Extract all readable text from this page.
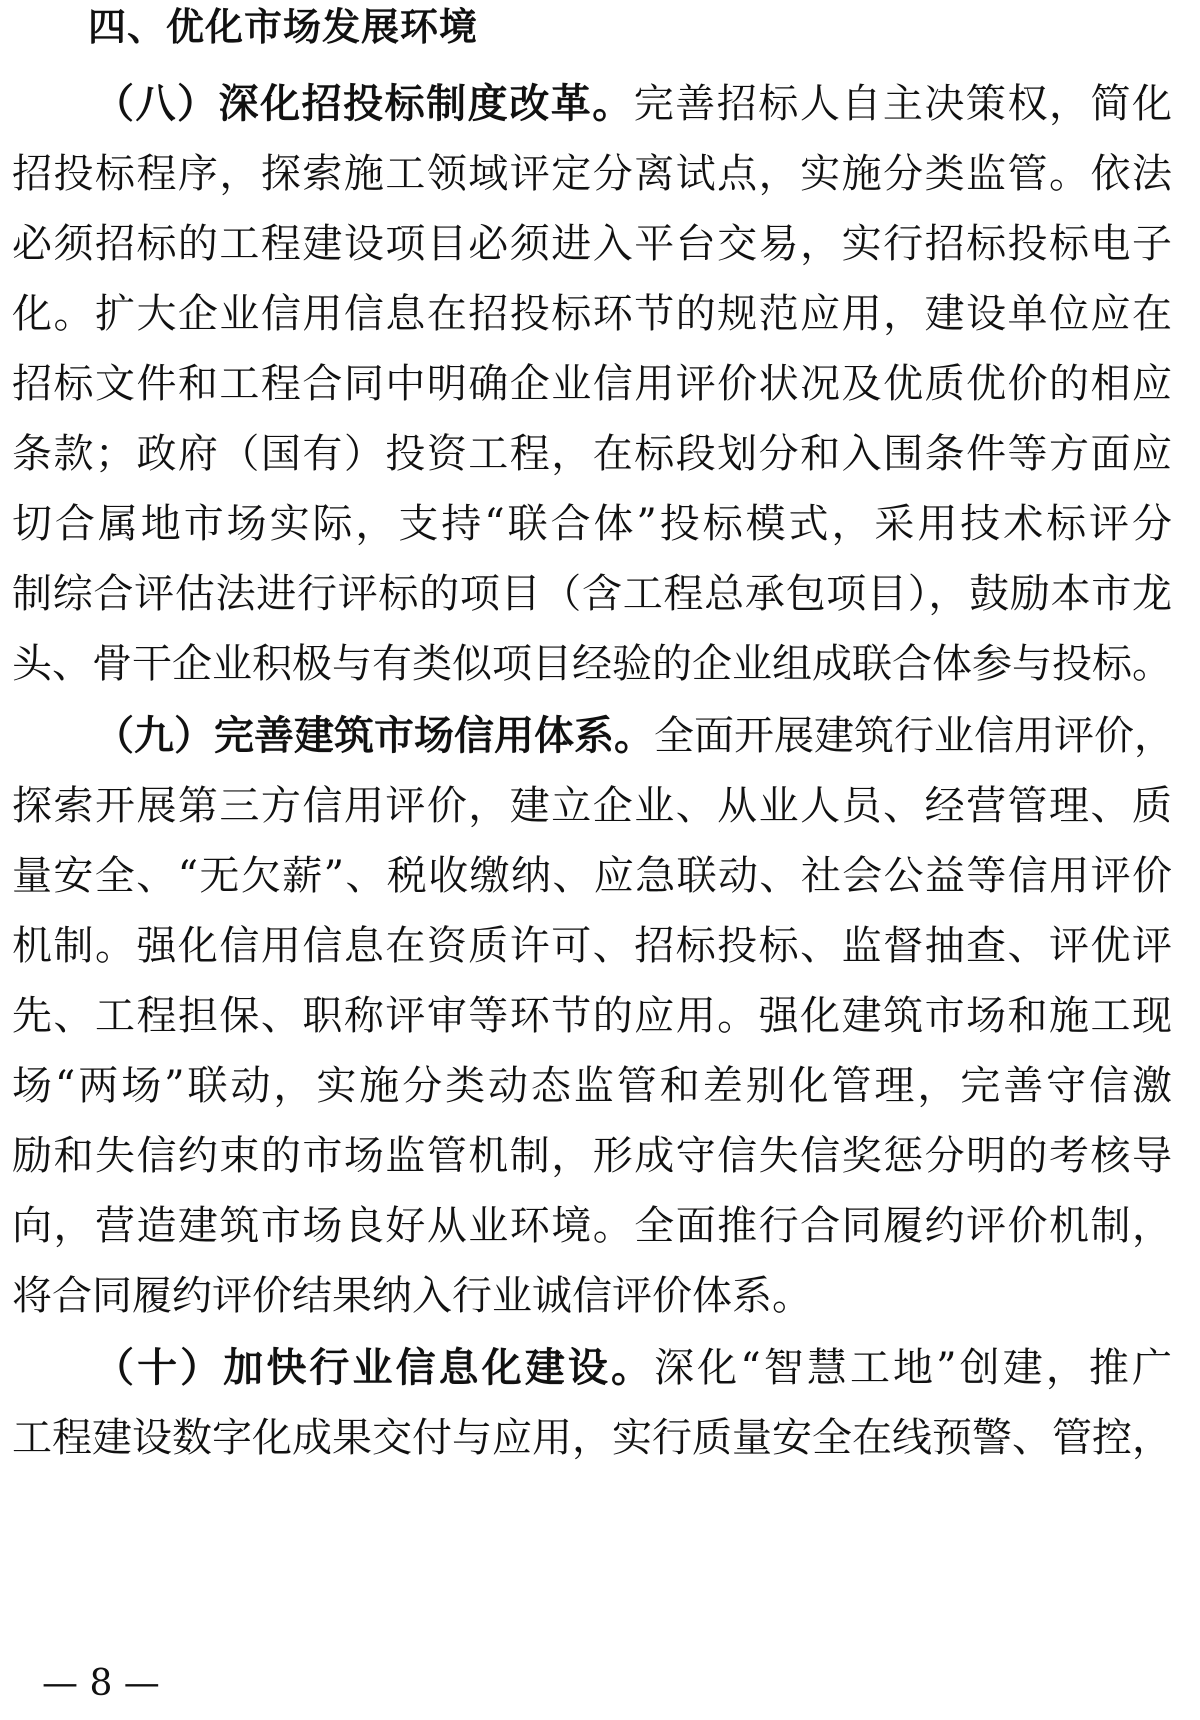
四、优化市场发展环境
（八）深化招投标制度改革。完善招标人自主决策权，简化
招投标程序，探索施工领域评定分离试点，实施分类监管。依法
必须招标的工程建设项目必须进入平台交易，实行招标投标电子
化。扩大企业信用信息在招投标环节的规范应用，建设单位应在
招标文件和工程合同中明确企业信用评价状况及优质优价的相应
条款；政府（国有）投资工程，在标段划分和入围条件等方面应
切合属地市场实际，支持“联合体”投标模式，采用技术标评分
制综合评估法进行评标的项目（含工程总承包项目），鼓励本市龙
头、骨干企业积极与有类似项目经验的企业组成联合体参与投标。
（九）完善建筑市场信用体系。全面开展建筑行业信用评价，
探索开展第三方信用评价，建立企业、从业人员、经营管理、质
量安全、“无欠薪”、税收缴纳、应急联动、社会公益等信用评价
机制。强化信用信息在资质许可、招标投标、监督抽查、评优评
先、工程担保、职称评审等环节的应用。强化建筑市场和施工现
场“两场”联动，实施分类动态监管和差别化管理，完善守信激
励和失信约束的市场监管机制，形成守信失信奖惩分明的考核导
向，营造建筑市场良好从业环境。全面推行合同履约评价机制，
将合同履约评价结果纳入行业诚信评价体系。
（十）加快行业信息化建设。深化“智慧工地”创建，推广
工程建设数字化成果交付与应用，实行质量安全在线预警、管控，
— 8 —
